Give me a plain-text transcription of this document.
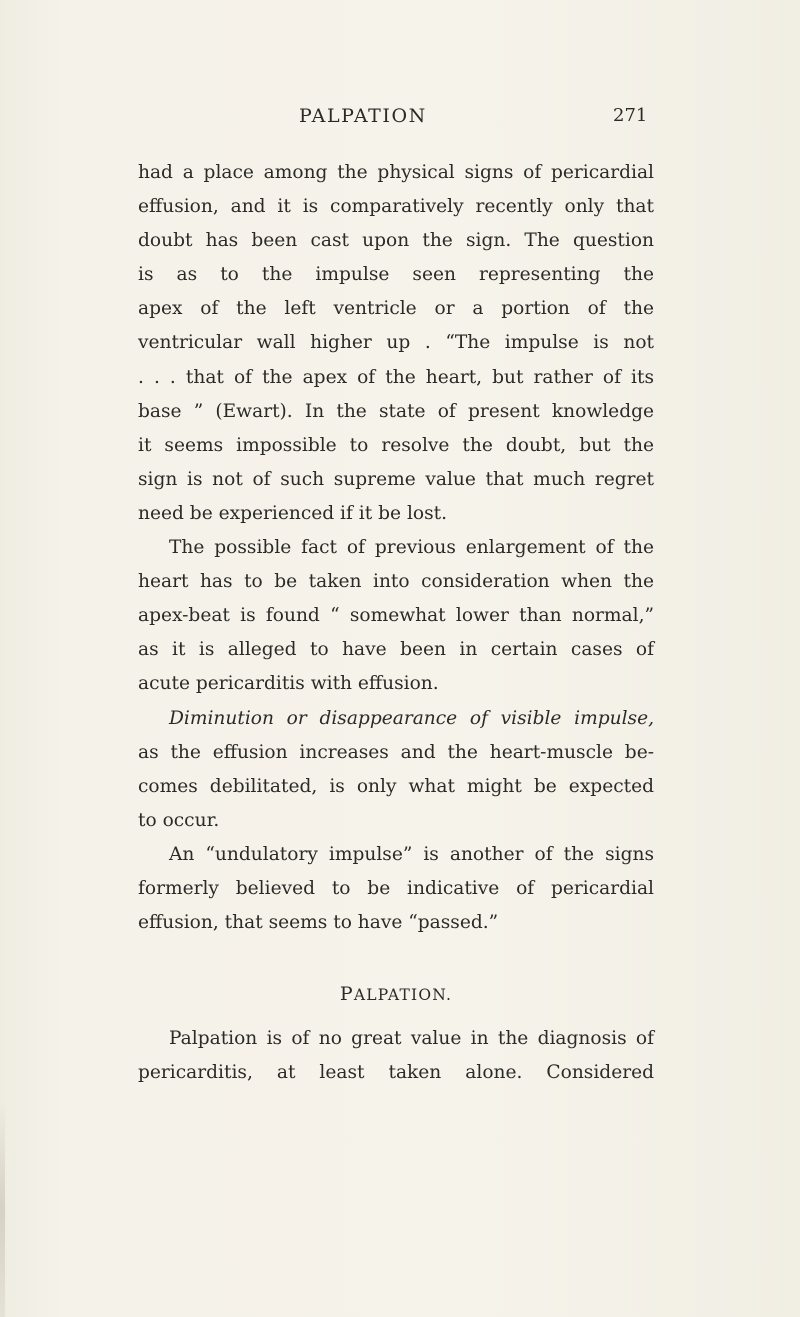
PALPATION	271
had a place among the physical signs of pericardial
effusion, and it is comparatively recently only that
doubt has been cast upon the sign. The question
is as to the impulse seen representing the
apex of the left ventricle or a portion of the
ventricular wall higher up . “The impulse is not
. . . that of the apex of the heart, but rather of its
base ” (Ewart). In the state of present knowledge
it seems impossible to resolve the doubt, but the
sign is not of such supreme value that much regret
need be experienced if it be lost.
The possible fact of previous enlargement of the
heart has to be taken into consideration when the
apex-beat is found “ somewhat lower than normal,”
as it is alleged to have been in certain cases of
acute pericarditis with effusion.
Diminution or disappearance of visible impulse,
as the effusion increases and the heart-muscle be-
comes debilitated, is only what might be expected
to occur.
An “undulatory impulse” is another of the signs
formerly believed to be indicative of pericardial
effusion, that seems to have “passed.”
PALPATION.
Palpation is of no great value in the diagnosis of
pericarditis, at least taken alone. Considered
